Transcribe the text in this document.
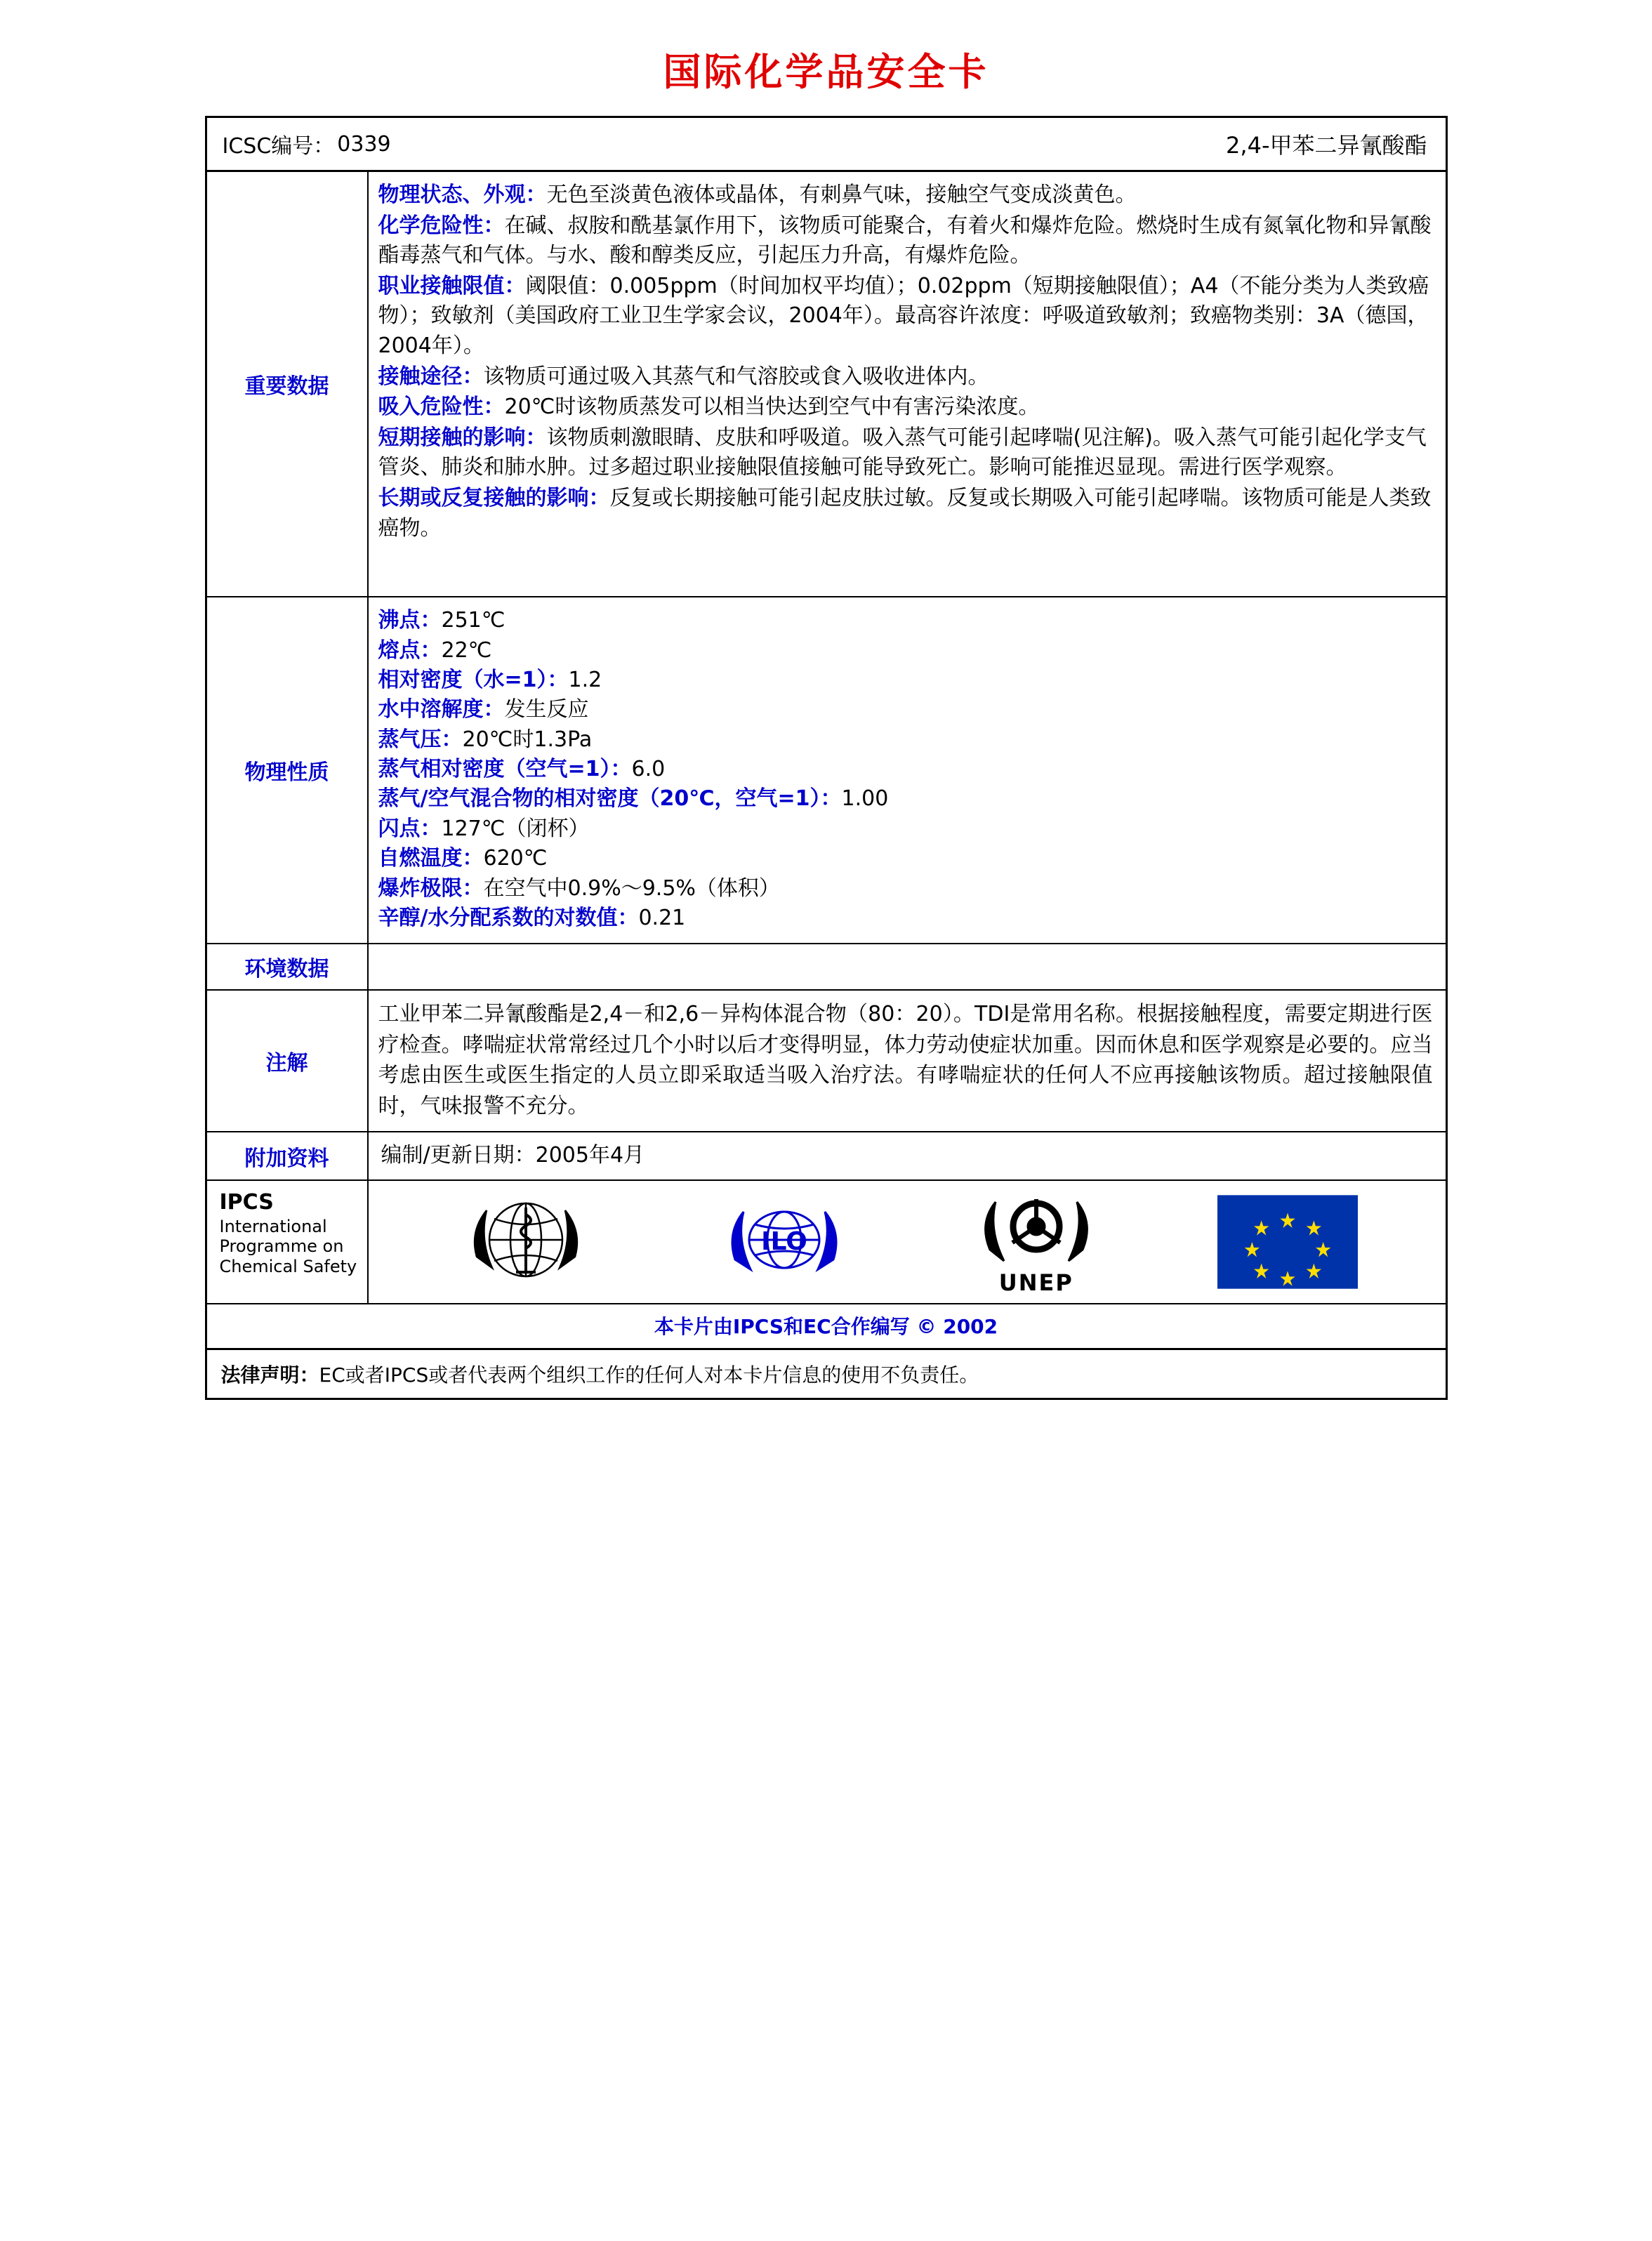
国际化学品安全卡
ICSC编号： 0339	2,4-甲苯二异氰酸酯
重要数据

物理状态、外观：无色至淡黄色液体或晶体，有刺鼻气味，接触空气变成淡黄色。

化学危险性：在碱、叔胺和酰基氯作用下，该物质可能聚合，有着火和爆炸危险。燃烧时生成有氮氧化物和异氰酸酯毒蒸气和气体。与水、酸和醇类反应，引起压力升高，有爆炸危险。

职业接触限值：阈限值：0.005ppm（时间加权平均值）；0.02ppm（短期接触限值）；A4（不能分类为人类致癌物）；致敏剂（美国政府工业卫生学家会议，2004年）。最高容许浓度：呼吸道致敏剂；致癌物类别：3A（德国，2004年）。

接触途径：该物质可通过吸入其蒸气和气溶胶或食入吸收进体内。

吸入危险性：20℃时该物质蒸发可以相当快达到空气中有害污染浓度。

短期接触的影响：该物质刺激眼睛、皮肤和呼吸道。吸入蒸气可能引起哮喘(见注解)。吸入蒸气可能引起化学支气管炎、肺炎和肺水肿。过多超过职业接触限值接触可能导致死亡。影响可能推迟显现。需进行医学观察。

长期或反复接触的影响：反复或长期接触可能引起皮肤过敏。反复或长期吸入可能引起哮喘。该物质可能是人类致癌物。

物理性质

沸点：251℃

熔点：22℃

相对密度（水=1）：1.2

水中溶解度：发生反应

蒸气压：20℃时1.3Pa

蒸气相对密度（空气=1）：6.0

蒸气/空气混合物的相对密度（20℃，空气=1）：1.00

闪点：127℃（闭杯）

自燃温度：620℃

爆炸极限：在空气中0.9%～9.5%（体积）

辛醇/水分配系数的对数值：0.21

环境数据
注解
工业甲苯二异氰酸酯是2,4－和2,6－异构体混合物（80：20）。TDI是常用名称。根据接触程度，需要定期进行医疗检查。哮喘症状常常经过几个小时以后才变得明显，体力劳动使症状加重。因而休息和医学观察是必要的。应当考虑由医生或医生指定的人员立即采取适当吸入治疗法。有哮喘症状的任何人不应再接触该物质。超过接触限值时，气味报警不充分。
附加资料	编制/更新日期：2005年4月
IPCS
International
Programme on
Chemical Safety
ILO
UNEP
本卡片由IPCS和EC合作编写 © 2002
法律声明：EC或者IPCS或者代表两个组织工作的任何人对本卡片信息的使用不负责任。
